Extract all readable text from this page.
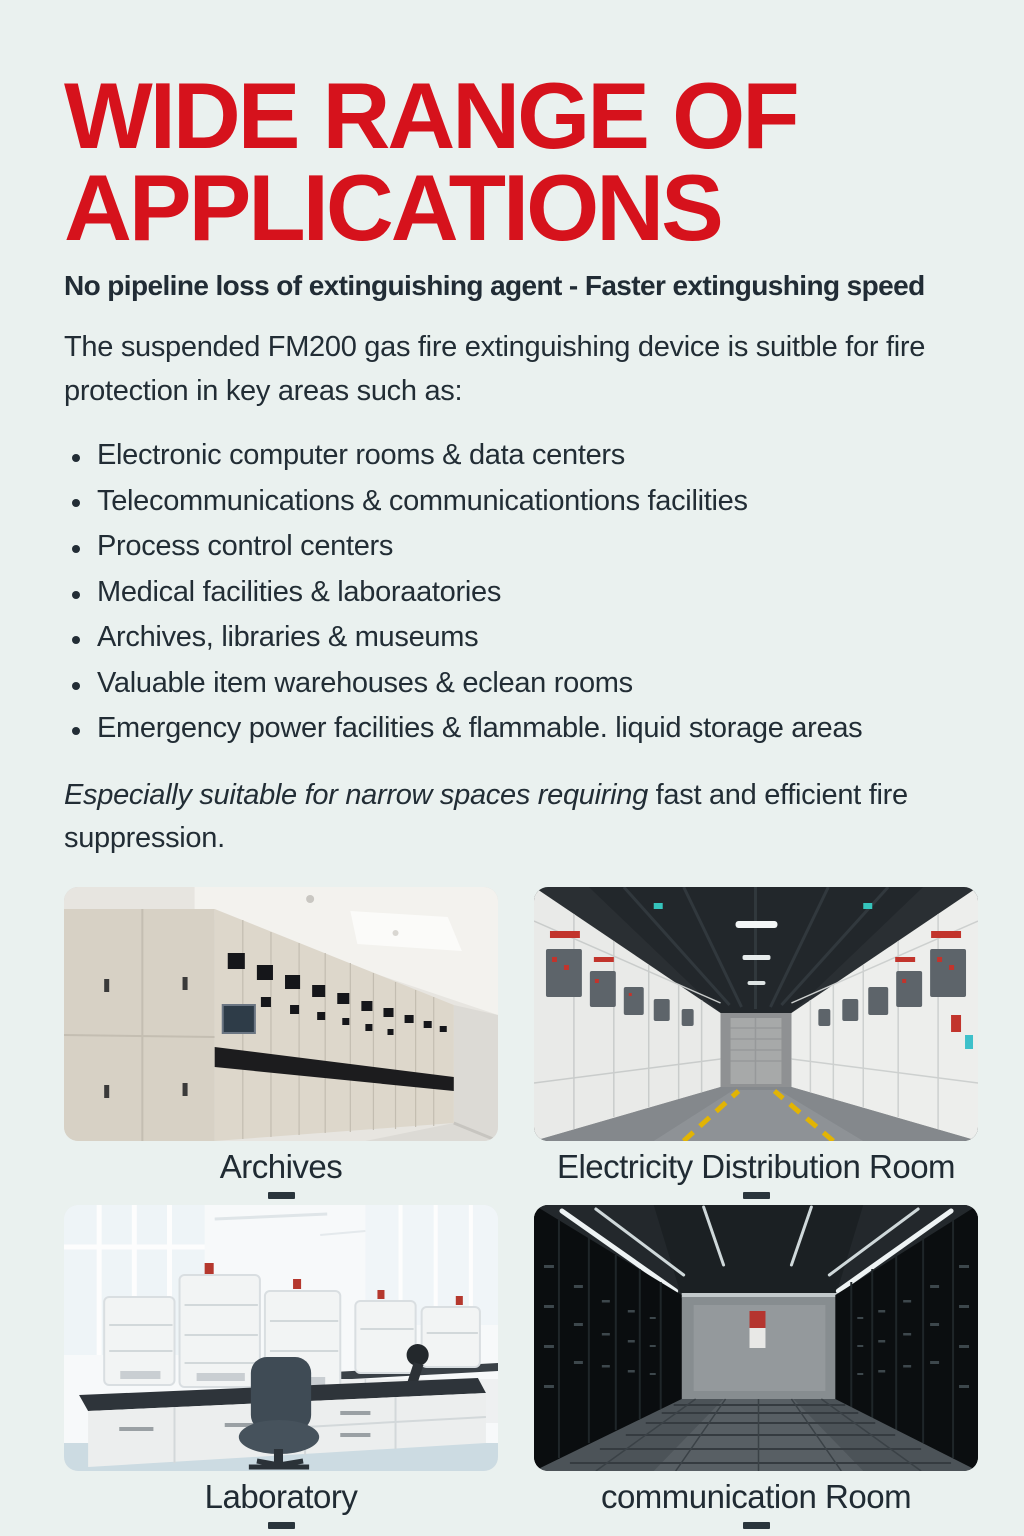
WIDE RANGE OF APPLICATIONS

No pipeline loss of extinguishing agent - Faster extingushing speed

The suspended FM200 gas fire extinguishing device is suitble for fire protection in key areas such as:

Electronic computer rooms & data centers
Telecommunications & communicationtions facilities
Process control centers
Medical facilities & laboraatories
Archives, libraries & museums
Valuable item warehouses & eclean rooms
Emergency power facilities & flammable. liquid storage areas

Especially suitable for narrow spaces requiring fast and efficient fire suppression.

Archives	Electricity Distribution Room
Laboratory	communication Room
